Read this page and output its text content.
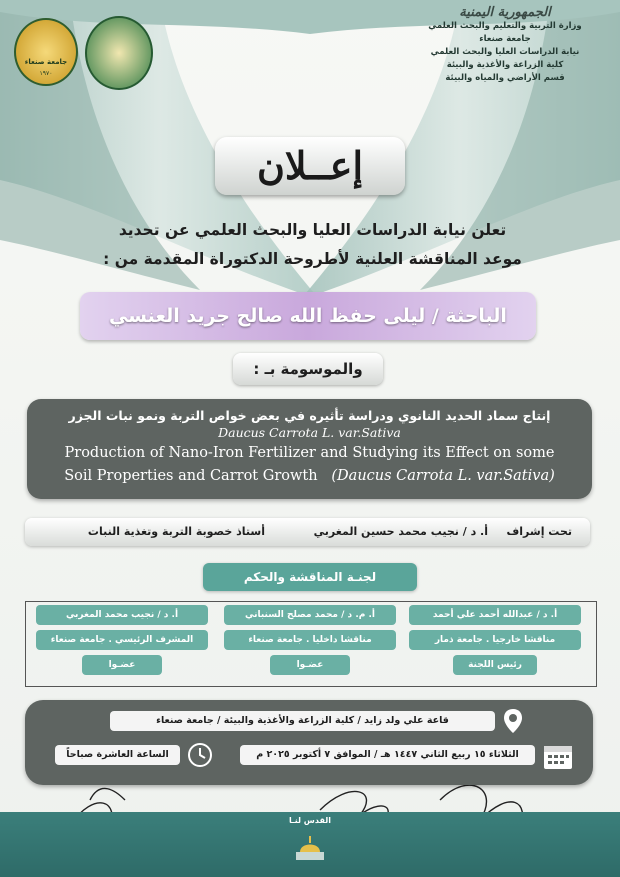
جامعة صنعاء
١٩٧٠
الجمهورية اليمنية
وزارة التربية والتعليم والبحث العلمي
جامعة صنعاء
نيابة الدراسات العليا والبحث العلمي
كلية الزراعة والأغذية والبيئة
قسم الأراضي والمياه والبيئة
إعــلان
تعلن نيابة الدراسات العليا والبحث العلمي عن تحديد
موعد المناقشة العلنية لأطروحة الدكتوراة المقدمة من :
الباحثة / ليلى حفظ الله صالح جريد العنسي
والموسومة بـ :
إنتاج سماد الحديد النانوي ودراسة تأثيره في بعض خواص التربة ونمو نبات الجزر
Daucus Carrota L. var.Sativa
Production of Nano-Iron Fertilizer and Studying its Effect on some
Soil Properties and Carrot Growth (Daucus Carrota L. var.Sativa)
تحت إشراف
أ. د / نجيب محمد حسين المغربي
أستاذ خصوبة التربة وتغذية النبات
لجنـة المناقشة والحكم
أ. د / عبدالله أحمد علي أحمد
مناقشا خارجيا . جامعة ذمار
رئيس اللجنة
أ. م. د / محمد مصلح السنباني
مناقشا داخليا . جامعة صنعاء
عضـوا
أ. د / نجيب محمد المغربي
المشرف الرئيسي . جامعة صنعاء
عضـوا
قاعة علي ولد زايد / كلية الزراعة والأغذية والبيئة / جامعة صنعاء
الثلاثاء ١٥ ربيع الثاني ١٤٤٧ هـ / الموافق ٧ أكتوبر ٢٠٢٥ م
الساعة العاشرة صباحاً
القدس لنـا
